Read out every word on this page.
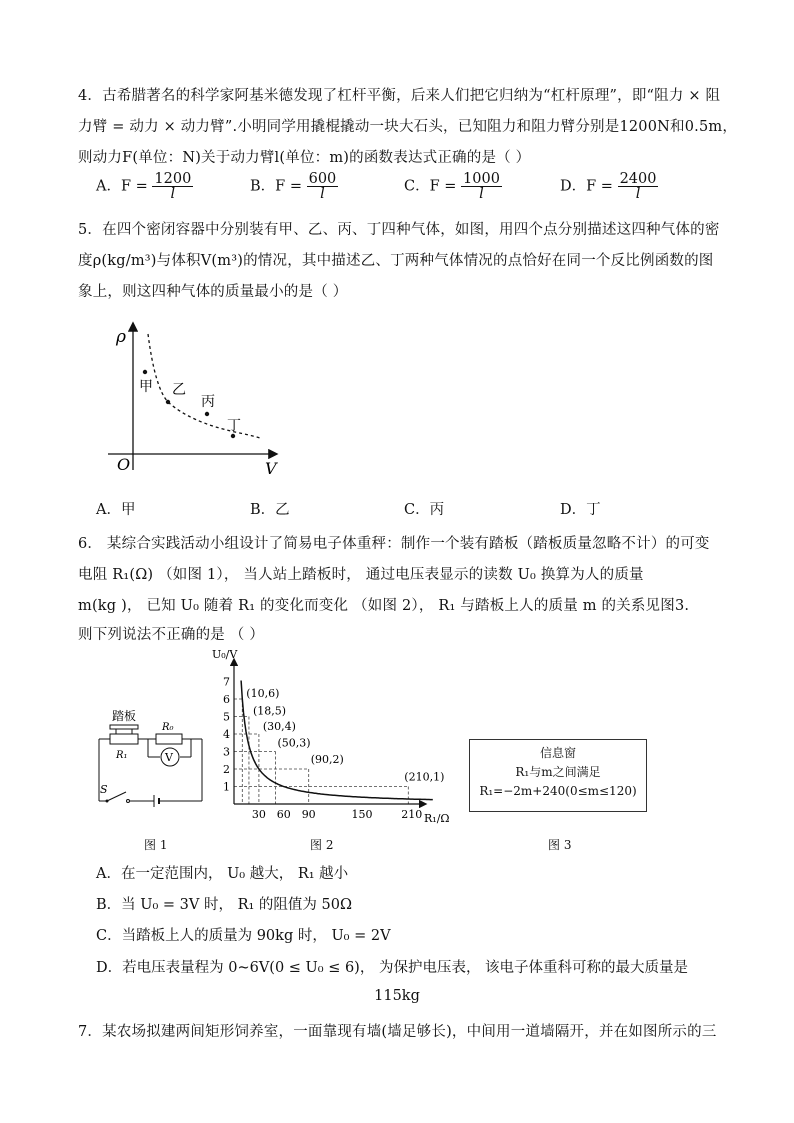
4．古希腊著名的科学家阿基米德发现了杠杆平衡，后来人们把它归纳为“杠杆原理”，即“阻力 × 阻
力臂 = 动力 × 动力臂”.小明同学用撬棍撬动一块大石头，已知阻力和阻力臂分别是1200N和0.5m，
则动力F(单位：N)关于动力臂l(单位：m)的函数表达式正确的是（ ）
A．$F = \frac{1200}{l}$	B．$F = \frac{600}{l}$	C．$F = \frac{1000}{l}$	D．$F = \frac{2400}{l}$
5．在四个密闭容器中分别装有甲、乙、丙、丁四种气体，如图，用四个点分别描述这四种气体的密
度ρ(kg/m³)与体积V(m³)的情况，其中描述乙、丁两种气体情况的点恰好在同一个反比例函数的图
象上，则这四种气体的质量最小的是（ ）
ρ
V
O
甲 乙
丙
丁
A．甲	B．乙	C．丙	D．丁
6． 某综合实践活动小组设计了简易电子体重秤：制作一个装有踏板（踏板质量忽略不计）的可变
电阻 R₁(Ω) （如图 1）， 当人站上踏板时， 通过电压表显示的读数 U₀ 换算为人的质量
m(kg )， 已知 U₀ 随着 R₁ 的变化而变化 （如图 2）， R₁ 与踏板上人的质量 m 的关系见图3.
则下列说法不正确的是 （ ）
踏板
R₁
R₀
V
S
图 1
30 60 90	150	210
1
2
3
4
5
6
7
(10,6)
(18,5)
(30,4)
(50,3)
(90,2)
(210,1)
U₀/V
R₁/Ω
图 2
信息窗
R₁与m之间满足
R₁=−2m+240(0≤m≤120)
图 3
A．在一定范围内， U₀ 越大， R₁ 越小
B．当 U₀ = 3V 时， R₁ 的阻值为 50Ω
C．当踏板上人的质量为 90kg 时， U₀ = 2V
D．若电压表量程为 0~6V(0 ≤ U₀ ≤ 6)， 为保护电压表， 该电子体重科可称的最大质量是
115kg
7．某农场拟建两间矩形饲养室，一面靠现有墙(墙足够长)，中间用一道墙隔开，并在如图所示的三
